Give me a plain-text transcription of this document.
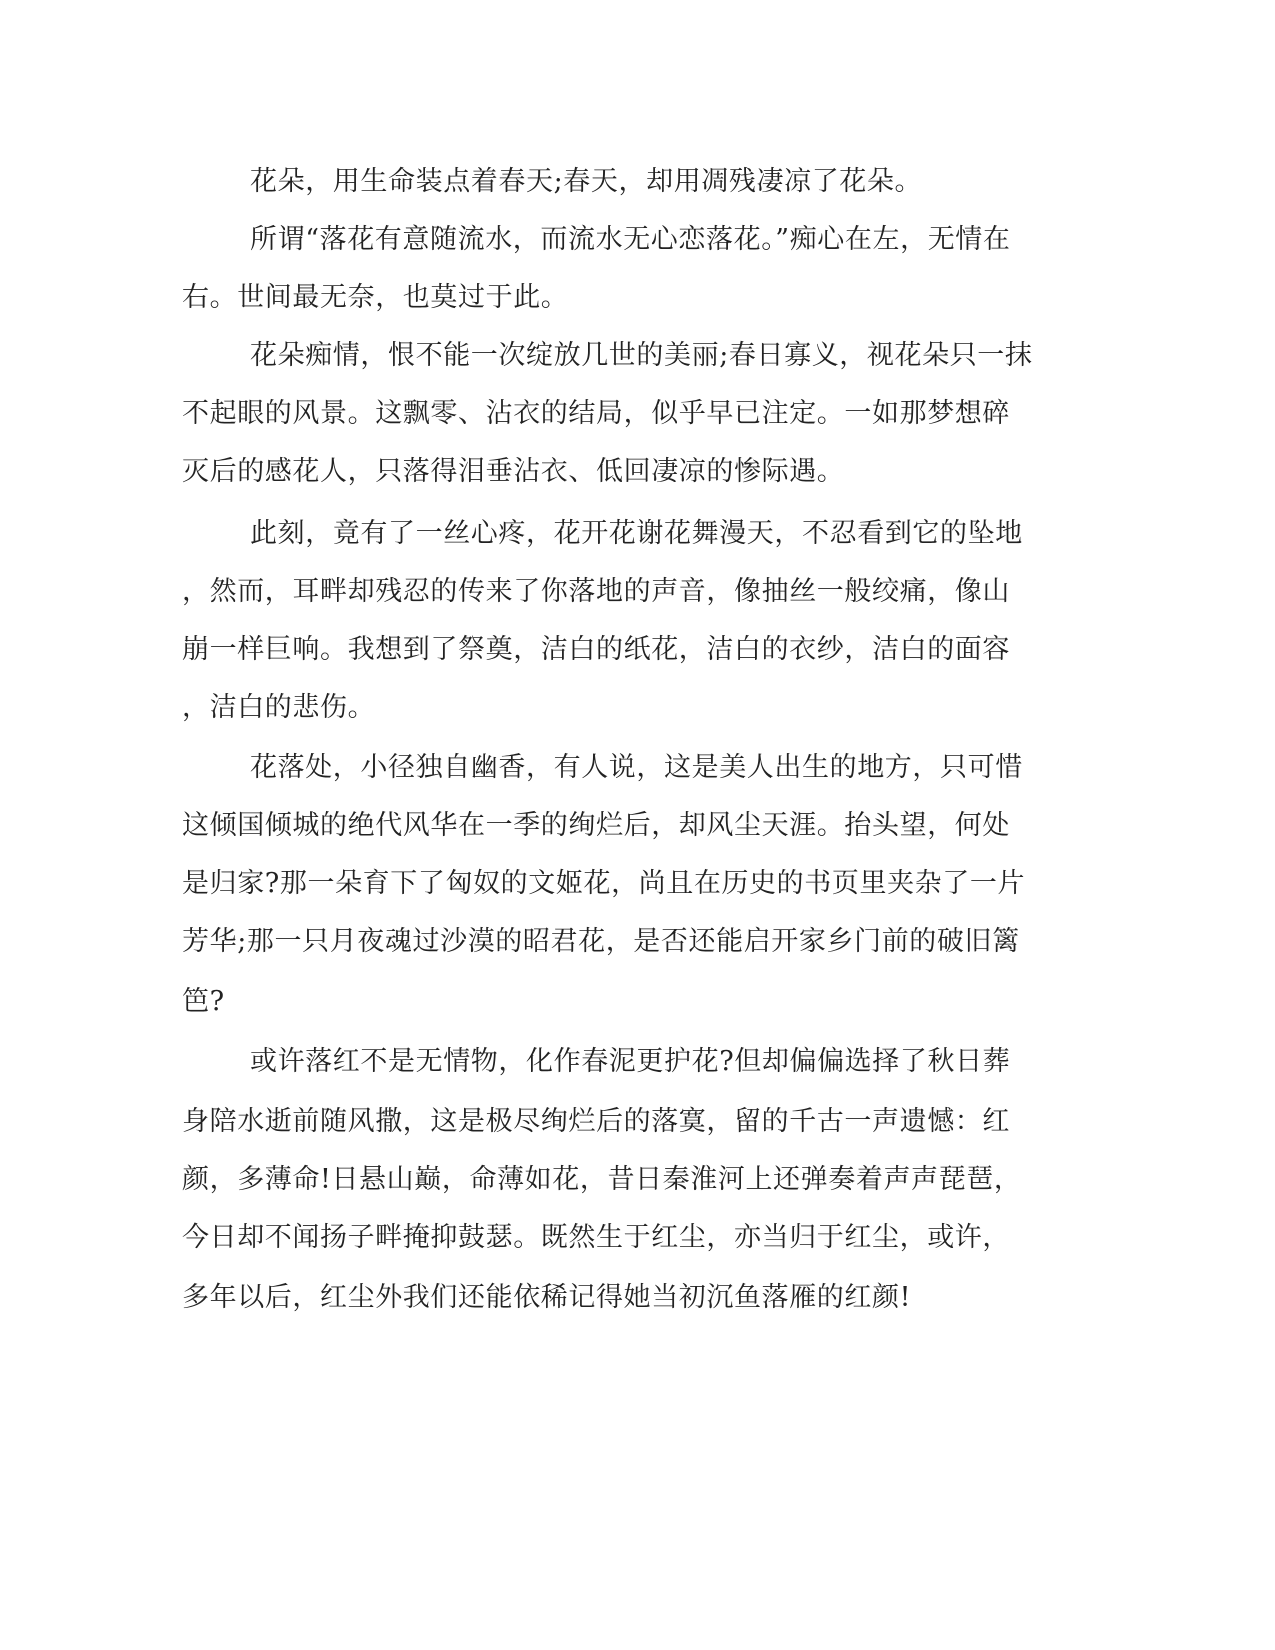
花朵，用生命装点着春天;春天，却用凋残凄凉了花朵。

所谓“落花有意随流水，而流水无心恋落花。”痴心在左，无情在

右。世间最无奈，也莫过于此。

花朵痴情，恨不能一次绽放几世的美丽;春日寡义，视花朵只一抹

不起眼的风景。这飘零、沾衣的结局，似乎早已注定。一如那梦想碎

灭后的感花人，只落得泪垂沾衣、低回凄凉的惨际遇。

此刻，竟有了一丝心疼，花开花谢花舞漫天，不忍看到它的坠地

，然而，耳畔却残忍的传来了你落地的声音，像抽丝一般绞痛，像山

崩一样巨响。我想到了祭奠，洁白的纸花，洁白的衣纱，洁白的面容

，洁白的悲伤。

花落处，小径独自幽香，有人说，这是美人出生的地方，只可惜

这倾国倾城的绝代风华在一季的绚烂后，却风尘天涯。抬头望，何处

是归家?那一朵育下了匈奴的文姬花，尚且在历史的书页里夹杂了一片

芳华;那一只月夜魂过沙漠的昭君花，是否还能启开家乡门前的破旧篱

笆?

或许落红不是无情物，化作春泥更护花?但却偏偏选择了秋日葬

身陪水逝前随风撒，这是极尽绚烂后的落寞，留的千古一声遗憾：红

颜，多薄命!日悬山巅，命薄如花，昔日秦淮河上还弹奏着声声琵琶，

今日却不闻扬子畔掩抑鼓瑟。既然生于红尘，亦当归于红尘，或许，

多年以后，红尘外我们还能依稀记得她当初沉鱼落雁的红颜!
